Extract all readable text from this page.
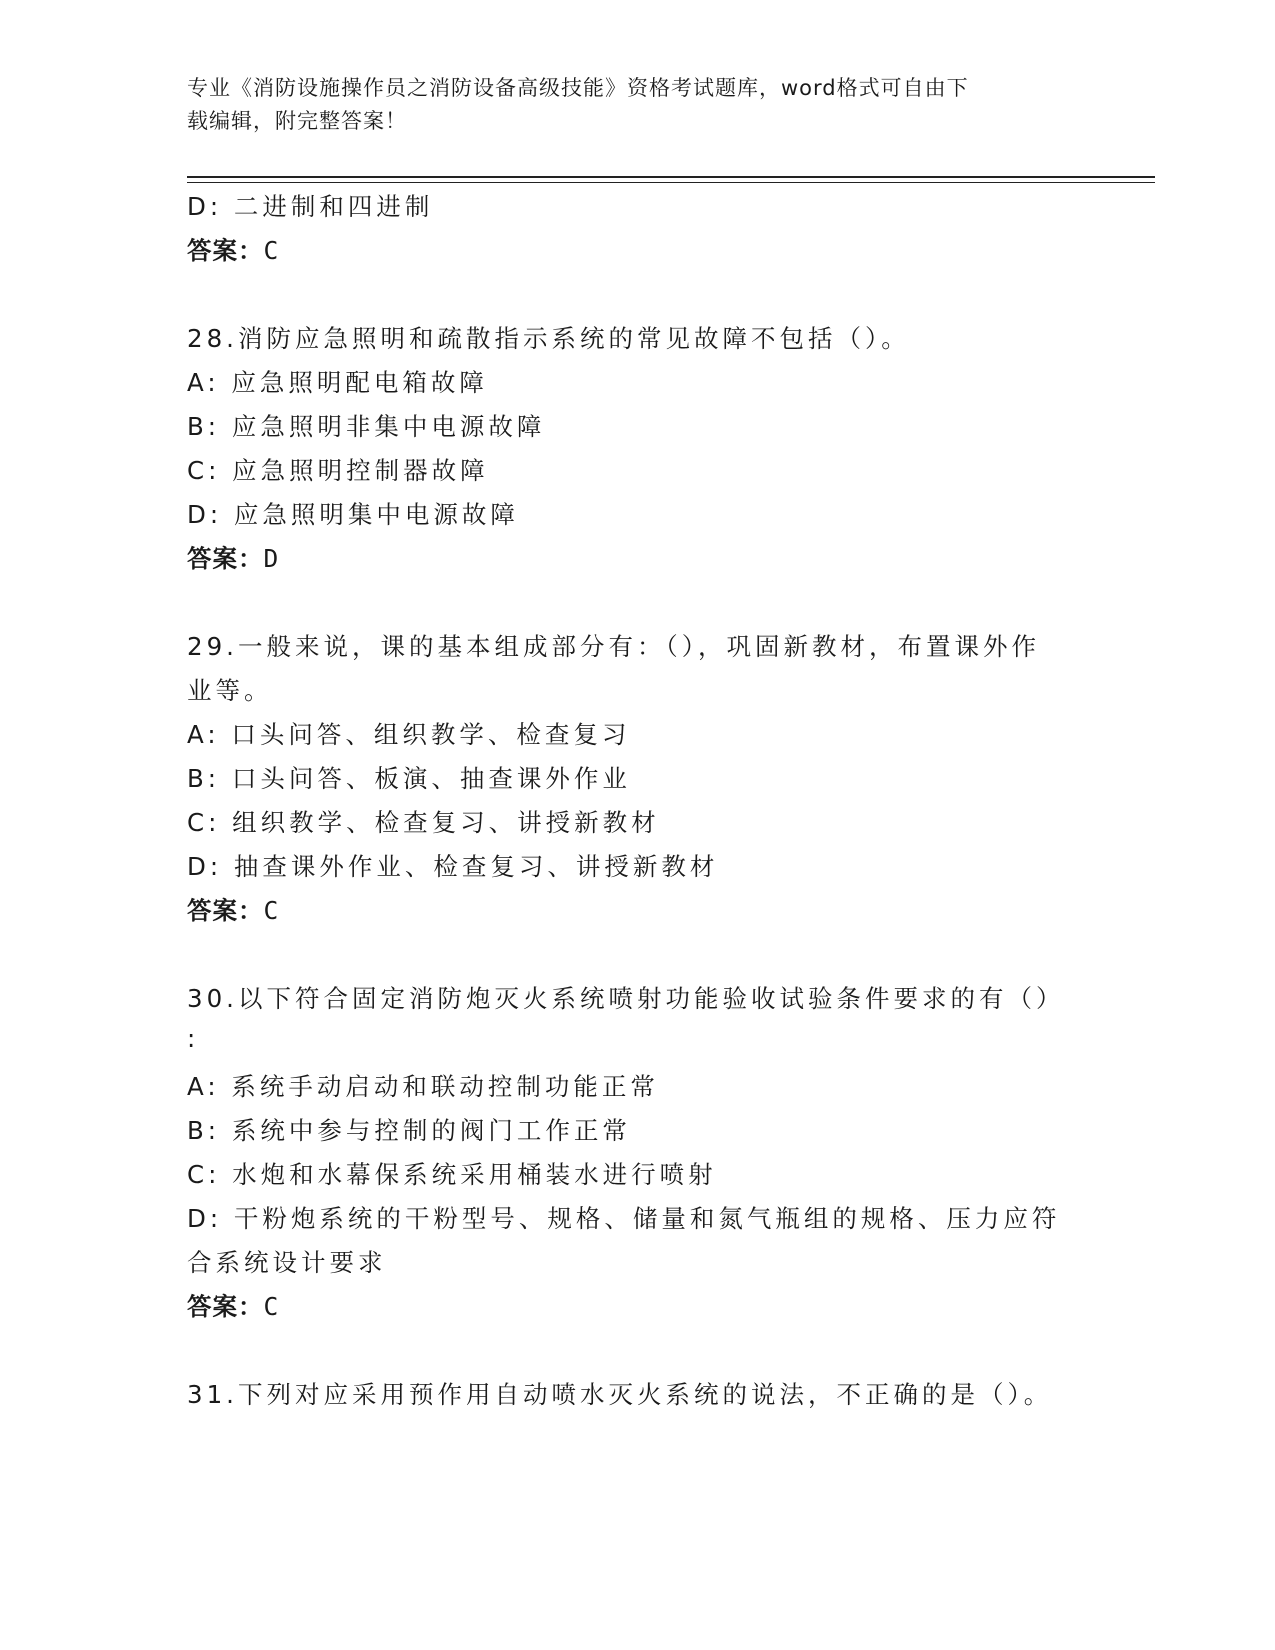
专业《消防设施操作员之消防设备高级技能》资格考试题库，word格式可自由下
载编辑，附完整答案！
D: 二进制和四进制
答案：C
28.消防应急照明和疏散指示系统的常见故障不包括（）。
A: 应急照明配电箱故障
B: 应急照明非集中电源故障
C: 应急照明控制器故障
D: 应急照明集中电源故障
答案：D
29.一般来说，课的基本组成部分有：（），巩固新教材，布置课外作
业等。
A: 口头问答、组织教学、检查复习
B: 口头问答、板演、抽查课外作业
C: 组织教学、检查复习、讲授新教材
D: 抽查课外作业、检查复习、讲授新教材
答案：C
30.以下符合固定消防炮灭火系统喷射功能验收试验条件要求的有（）
:
A: 系统手动启动和联动控制功能正常
B: 系统中参与控制的阀门工作正常
C: 水炮和水幕保系统采用桶装水进行喷射
D: 干粉炮系统的干粉型号、规格、储量和氮气瓶组的规格、压力应符
合系统设计要求
答案：C
31.下列对应采用预作用自动喷水灭火系统的说法，不正确的是（）。
